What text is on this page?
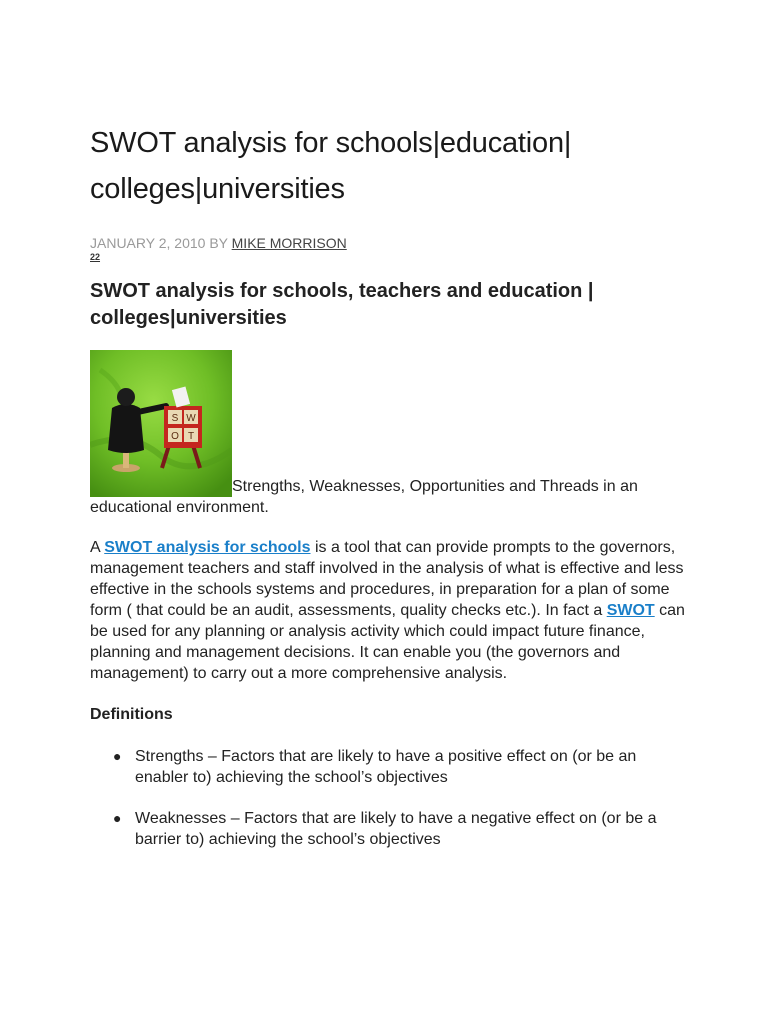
SWOT analysis for schools|education|
colleges|universities
JANUARY 2, 2010 BY MIKE MORRISON
22
SWOT analysis for schools, teachers and education |
colleges|universities
S W
O T
Strengths, Weaknesses, Opportunities and Threads in an educational environment.

A SWOT analysis for schools is a tool that can provide prompts to the governors, management teachers and staff involved in the analysis of what is effective and less effective in the schools systems and procedures, in preparation for a plan of some form ( that could be an audit, assessments, quality checks etc.). In fact a SWOT can be used for any planning or analysis activity which could impact future finance, planning and management decisions. It can enable you (the governors and management) to carry out a more comprehensive analysis.

Definitions
● Strengths – Factors that are likely to have a positive effect on (or be an enabler to) achieving the school’s objectives
● Weaknesses – Factors that are likely to have a negative effect on (or be a barrier to) achieving the school’s objectives
